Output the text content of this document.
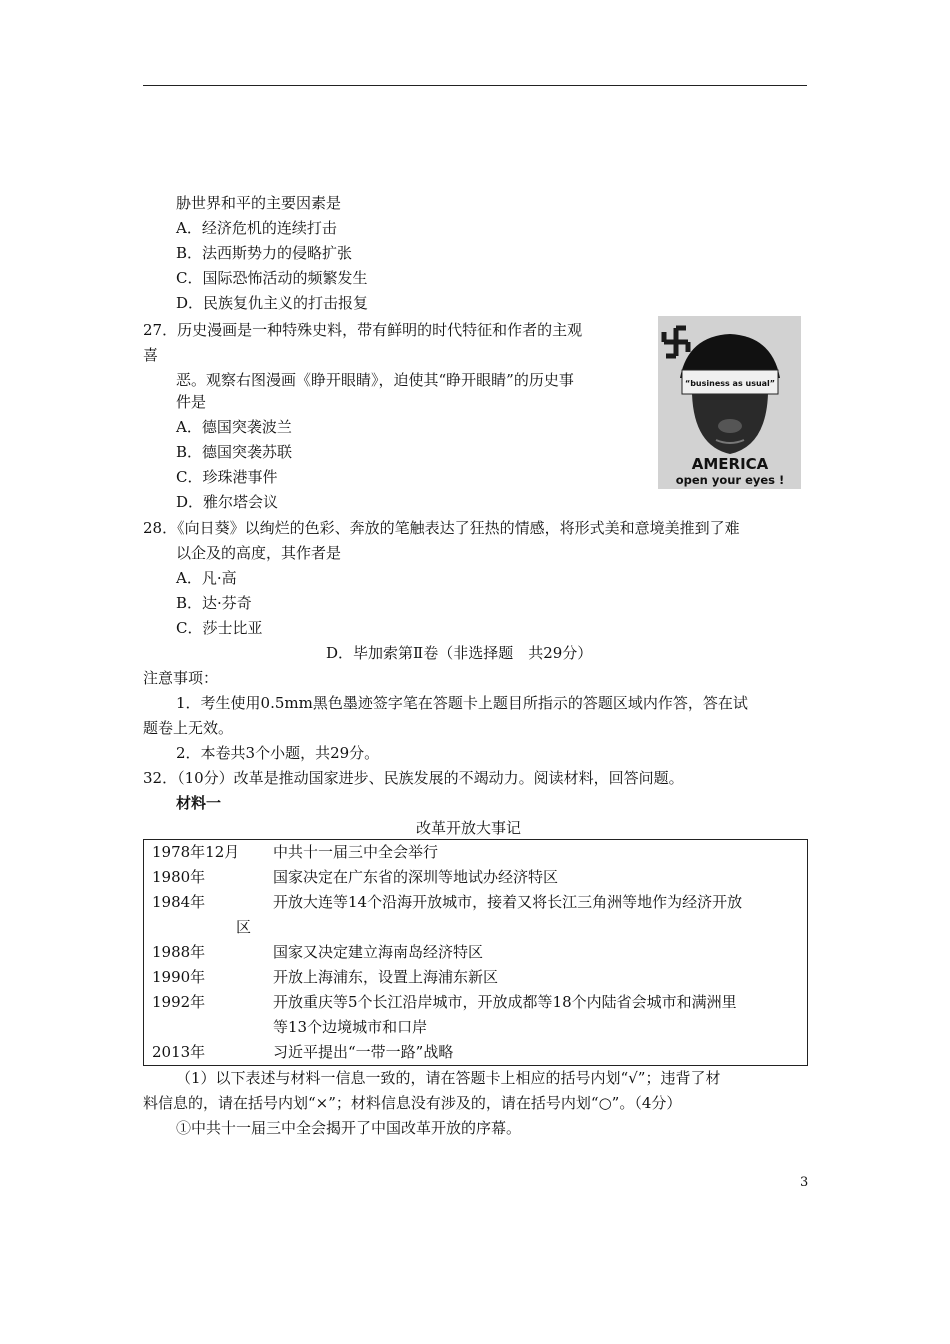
胁世界和平的主要因素是
A．经济危机的连续打击
B．法西斯势力的侵略扩张
C．国际恐怖活动的频繁发生
D．民族复仇主义的打击报复
27．历史漫画是一种特殊史料，带有鲜明的时代特征和作者的主观
喜
恶。观察右图漫画《睁开眼睛》，迫使其“睁开眼睛”的历史事
件是
A．德国突袭波兰
B．德国突袭苏联
C．珍珠港事件
D．雅尔塔会议
“business as usual”
AMERICA
open your eyes !
28．《向日葵》以绚烂的色彩、奔放的笔触表达了狂热的情感，将形式美和意境美推到了难
以企及的高度，其作者是
A．凡·高
B．达·芬奇
C．莎士比亚
D．毕加索第Ⅱ卷（非选择题　共29分）
注意事项：
1．考生使用0.5mm黑色墨迹签字笔在答题卡上题目所指示的答题区域内作答，答在试
题卷上无效。
2．本卷共3个小题，共29分。
32．（10分）改革是推动国家进步、民族发展的不竭动力。阅读材料，回答问题。
材料一
改革开放大事记
1978年12月	中共十一届三中全会举行
1980年	国家决定在广东省的深圳等地试办经济特区
1984年	开放大连等14个沿海开放城市，接着又将长江三角洲等地作为经济开放
区	
1988年	国家又决定建立海南岛经济特区
1990年	开放上海浦东，设置上海浦东新区
1992年	开放重庆等5个长江沿岸城市，开放成都等18个内陆省会城市和满洲里
	等13个边境城市和口岸
2013年	习近平提出“一带一路”战略
（1）以下表述与材料一信息一致的，请在答题卡上相应的括号内划“√”；违背了材
料信息的，请在括号内划“×”；材料信息没有涉及的，请在括号内划“○”。（4分）
①中共十一届三中全会揭开了中国改革开放的序幕。
3
